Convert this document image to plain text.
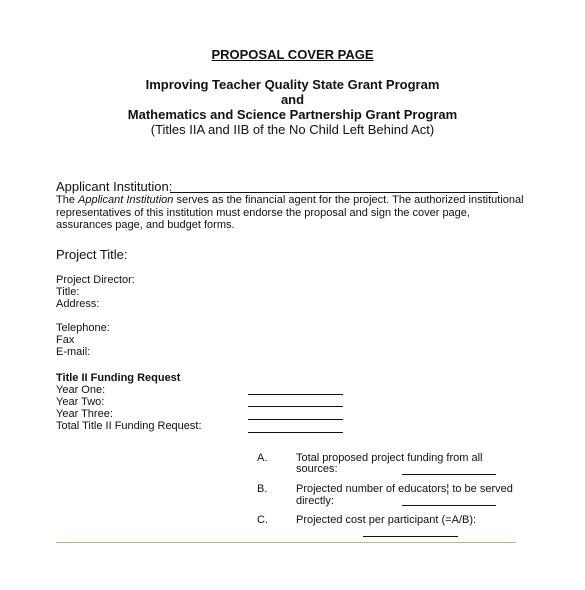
PROPOSAL COVER PAGE
Improving Teacher Quality State Grant Program
and
Mathematics and Science Partnership Grant Program
(Titles IIA and IIB of the No Child Left Behind Act)
Applicant Institution:
The Applicant Institution serves as the financial agent for the project. The authorized institutional representatives of this institution must endorse the proposal and sign the cover page, assurances page, and budget forms.
Project Title:
Project Director:
Title:
Address:
Telephone:
Fax
E-mail:
Title II Funding Request
Year One:
Year Two:
Year Three:
Total Title II Funding Request:
A.	Total proposed project funding from all
sources:
B.	Projected number of educators¦ to be served
directly:
C.	Projected cost per participant (=A/B):
